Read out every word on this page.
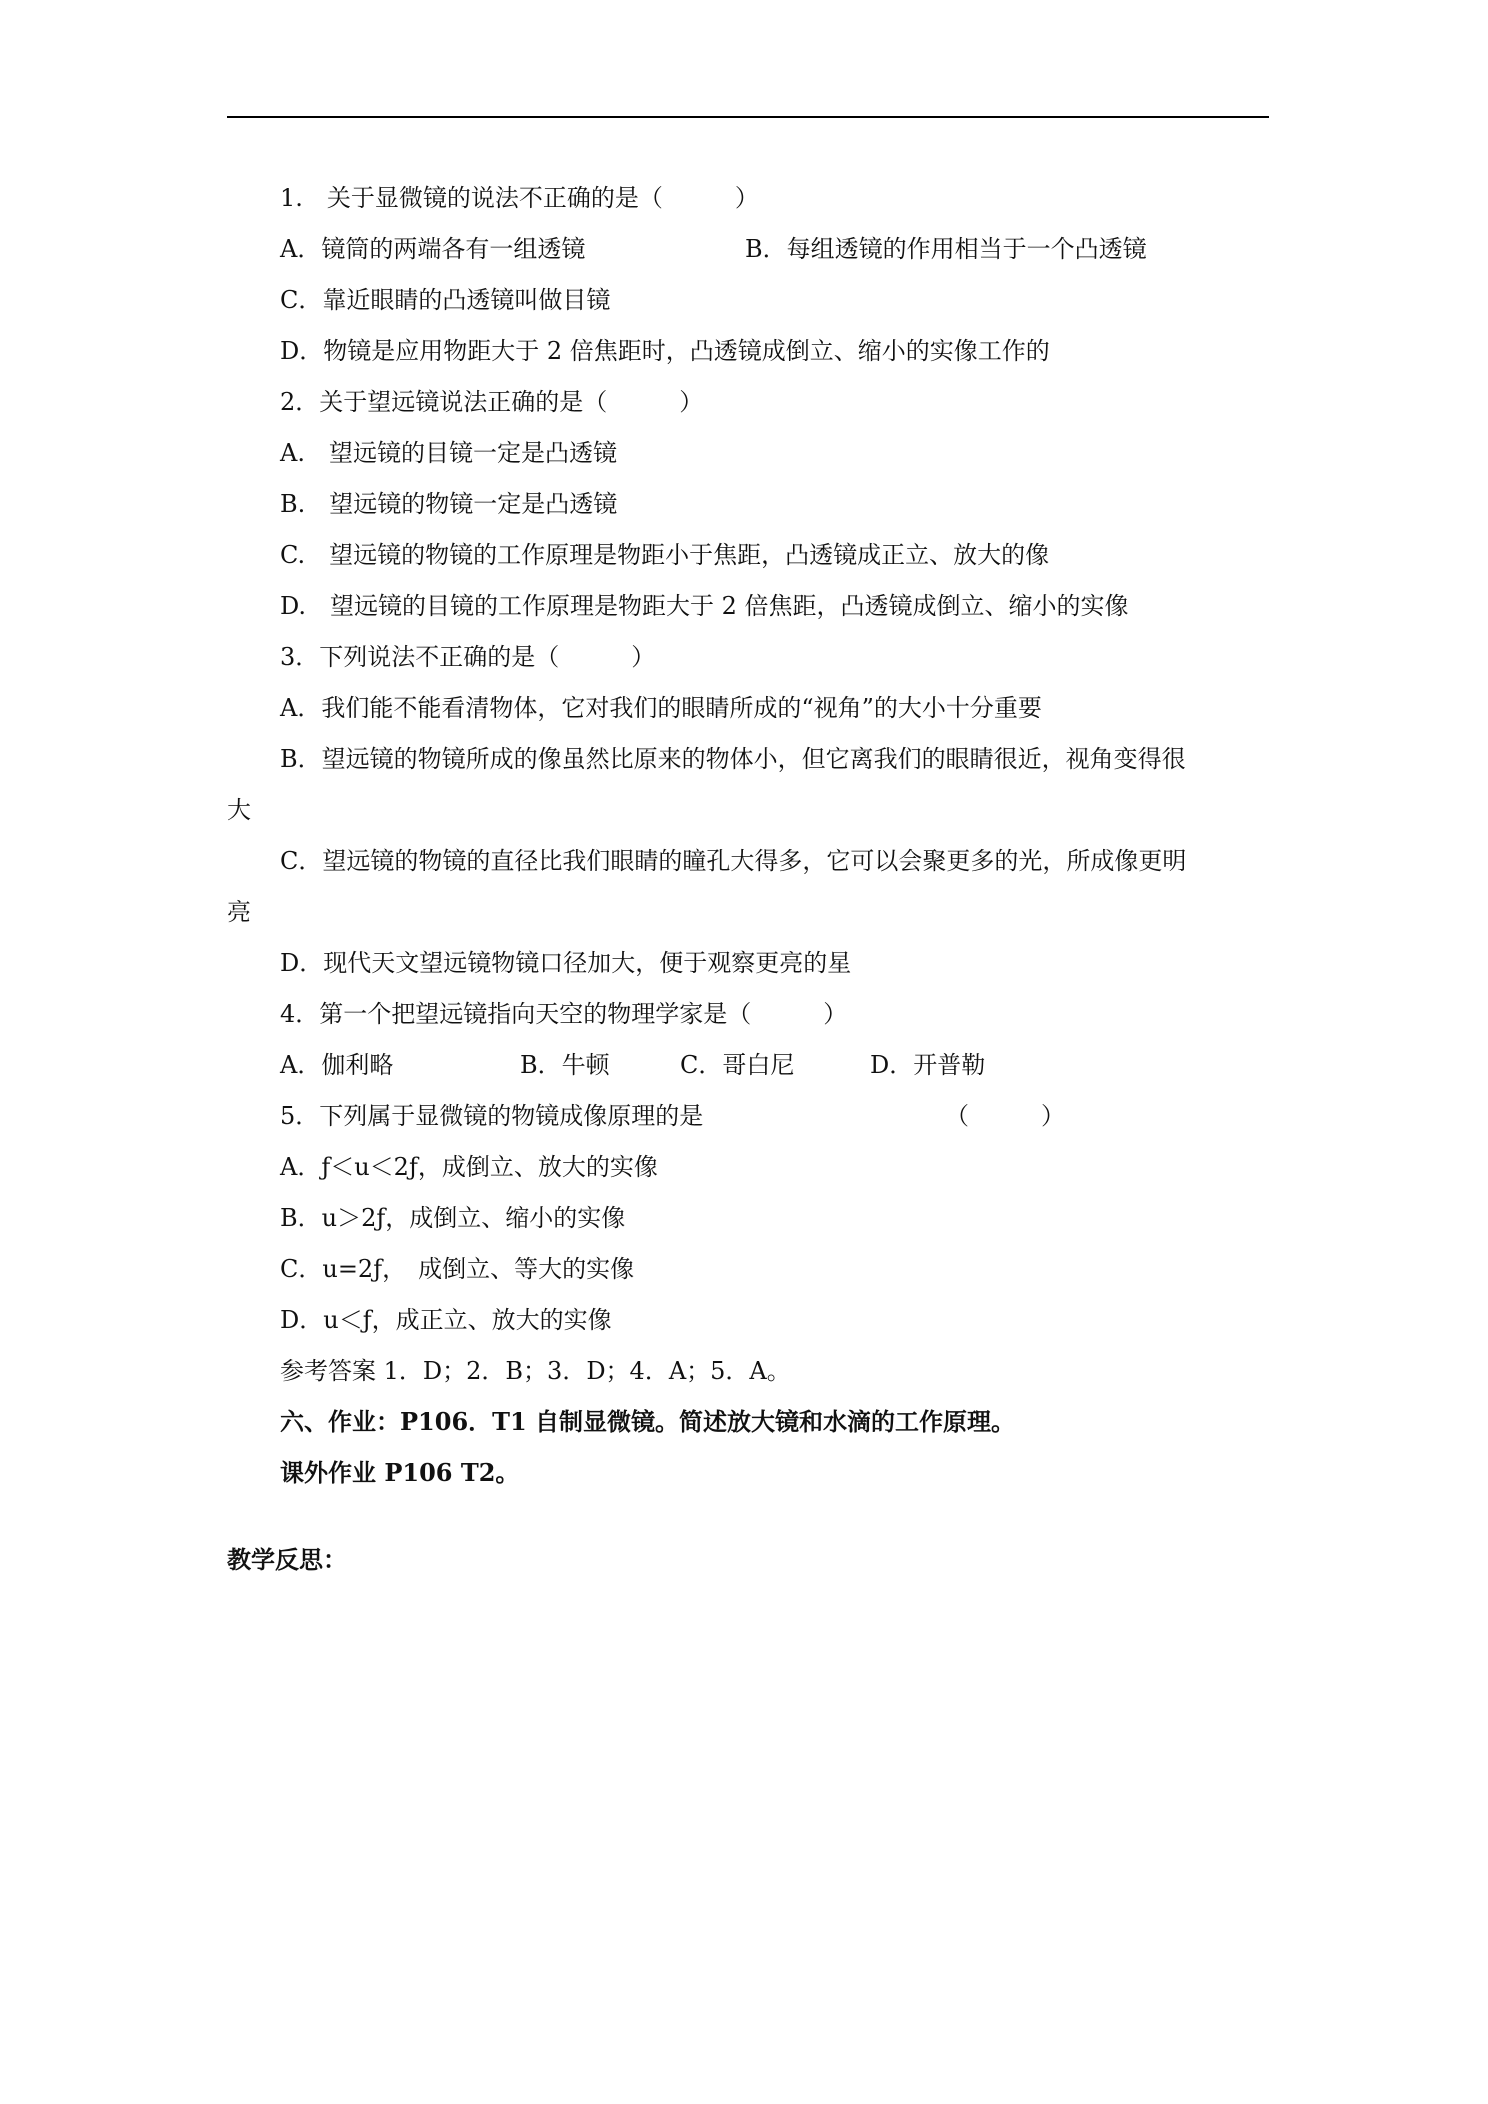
1.　关于显微镜的说法不正确的是（　　　）
A．镜筒的两端各有一组透镜	B．每组透镜的作用相当于一个凸透镜
C．靠近眼睛的凸透镜叫做目镜
D．物镜是应用物距大于 2 倍焦距时，凸透镜成倒立、缩小的实像工作的
2．关于望远镜说法正确的是（　　　）
A.　望远镜的目镜一定是凸透镜
B.　望远镜的物镜一定是凸透镜
C.　望远镜的物镜的工作原理是物距小于焦距，凸透镜成正立、放大的像
D.　望远镜的目镜的工作原理是物距大于 2 倍焦距，凸透镜成倒立、缩小的实像
3．下列说法不正确的是（　　　）
A．我们能不能看清物体，它对我们的眼睛所成的“视角”的大小十分重要
B．望远镜的物镜所成的像虽然比原来的物体小，但它离我们的眼睛很近，视角变得很
大
C．望远镜的物镜的直径比我们眼睛的瞳孔大得多，它可以会聚更多的光，所成像更明
亮
D．现代天文望远镜物镜口径加大，便于观察更亮的星
4．第一个把望远镜指向天空的物理学家是（　　　）
A．伽利略	B．牛顿	C．哥白尼	D．开普勒
5．下列属于显微镜的物镜成像原理的是	（　　　）
A．ƒ＜u＜2ƒ，成倒立、放大的实像
B．u＞2ƒ，成倒立、缩小的实像
C．u=2ƒ，　成倒立、等大的实像
D．u＜ƒ，成正立、放大的实像
参考答案 1．D；2．B；3．D；4．A；5．A。
六、作业：P106．T1 自制显微镜。简述放大镜和水滴的工作原理。
课外作业 P106 T2。
教学反思：
